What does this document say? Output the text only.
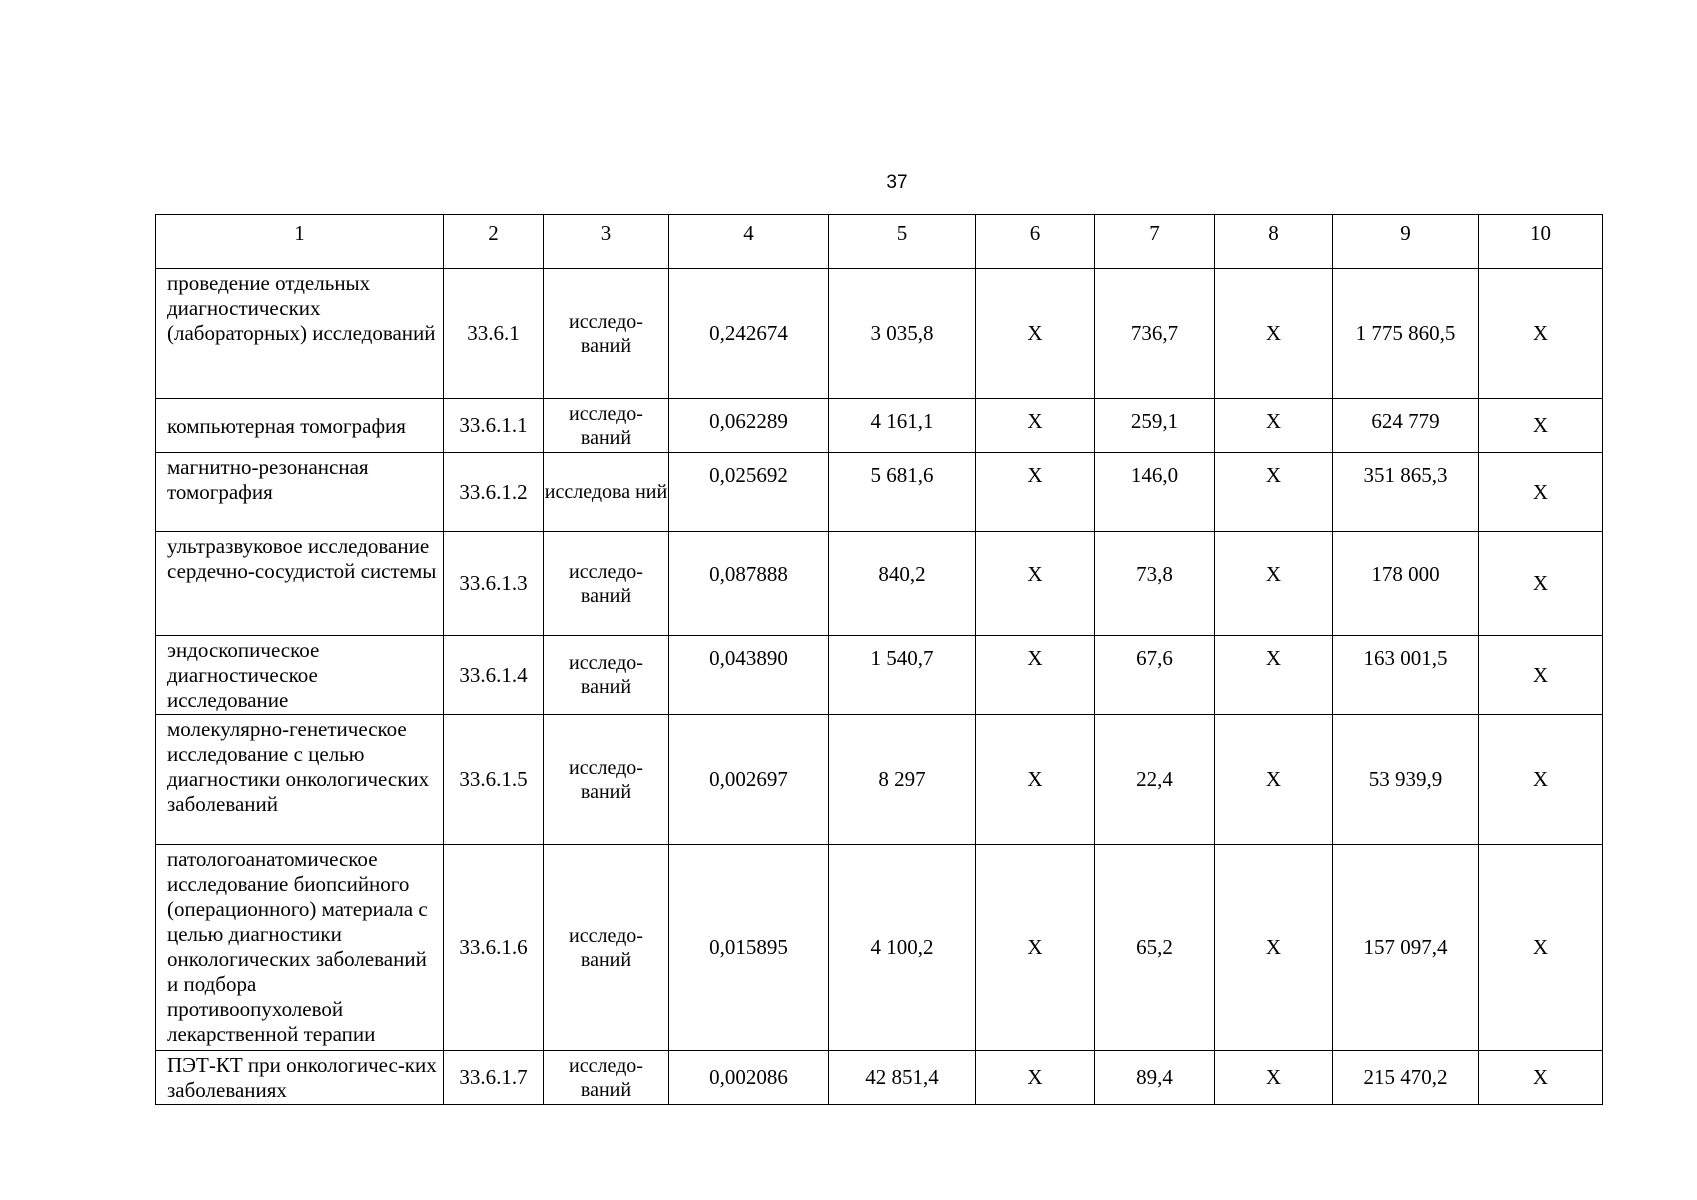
37
1	2	3	4	5	6	7	8	9	10
проведение отдельных диагностических (лабораторных) исследований	33.6.1	исследо-ваний	0,242674	3 035,8	X	736,7	X	1 775 860,5	X
компьютерная томография	33.6.1.1	исследо-ваний	0,062289	4 161,1	X	259,1	X	624 779	X
магнитно-резонансная томография	33.6.1.2	исследова ний	0,025692	5 681,6	X	146,0	X	351 865,3	X
ультразвуковое исследование сердечно-сосудистой системы	33.6.1.3	исследо-ваний	0,087888	840,2	X	73,8	X	178 000	X
эндоскопическое диагностическое исследование	33.6.1.4	исследо-ваний	0,043890	1 540,7	X	67,6	X	163 001,5	X
молекулярно-генетическое исследование с целью диагностики онкологических заболеваний	33.6.1.5	исследо-ваний	0,002697	8 297	X	22,4	X	53 939,9	X
патологоанатомическое исследование биопсийного (операционного) материала с целью диагностики онкологических заболеваний и подбора противоопухолевой лекарственной терапии	33.6.1.6	исследо-ваний	0,015895	4 100,2	X	65,2	X	157 097,4	X
ПЭТ-КТ при онкологичес-ких заболеваниях	33.6.1.7	исследо-ваний	0,002086	42 851,4	X	89,4	X	215 470,2	X
